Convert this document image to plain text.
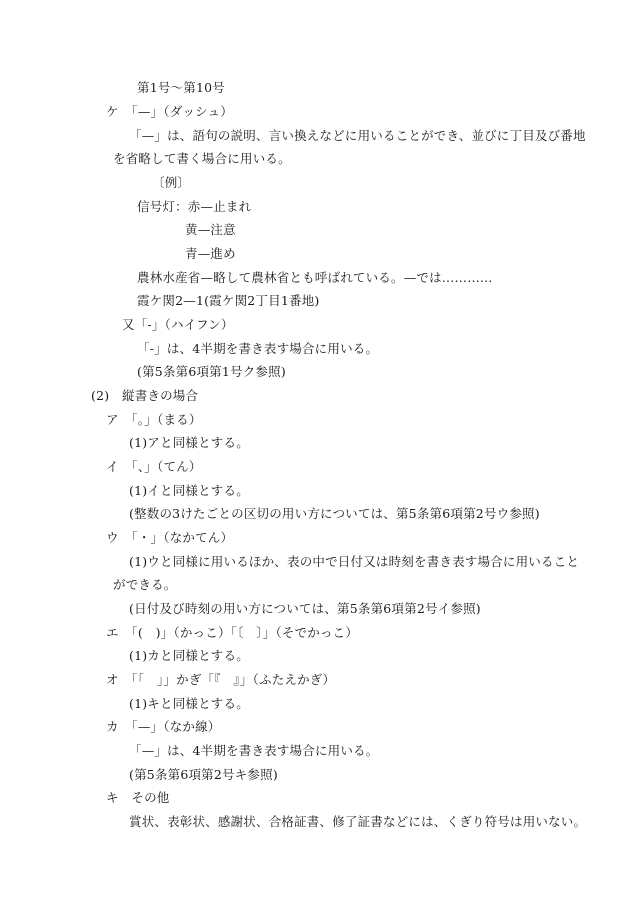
第1号〜第10号
ケ　「—」（ダッシュ）
「—」は、語句の説明、言い換えなどに用いることができ、並びに丁目及び番地
を省略して書く場合に用いる。
〔例〕
信号灯：赤—止まれ
黄—注意
青—進め
農林水産省—略して農林省とも呼ばれている。—では…………
霞ケ関2—1(霞ケ関2丁目1番地)
又「‐」（ハイフン）
「‐」は、4半期を書き表す場合に用いる。
(第5条第6項第1号ク参照)
(2)　縦書きの場合
ア　「。」（まる）
(1)アと同様とする。
イ　「、」（てん）
(1)イと同様とする。
(整数の3けたごとの区切の用い方については、第5条第6項第2号ウ参照)
ウ　「・」（なかてん）
(1)ウと同様に用いるほか、表の中で日付又は時刻を書き表す場合に用いること
ができる。
(日付及び時刻の用い方については、第5条第6項第2号イ参照)
エ　「(　)」（かっこ）「〔　〕」（そでかっこ）
(1)カと同様とする。
オ　「「　」」かぎ「『　』」（ふたえかぎ）
(1)キと同様とする。
カ　「—」（なか線）
「—」は、4半期を書き表す場合に用いる。
(第5条第6項第2号キ参照)
キ　その他
賞状、表彰状、感謝状、合格証書、修了証書などには、くぎり符号は用いない。
